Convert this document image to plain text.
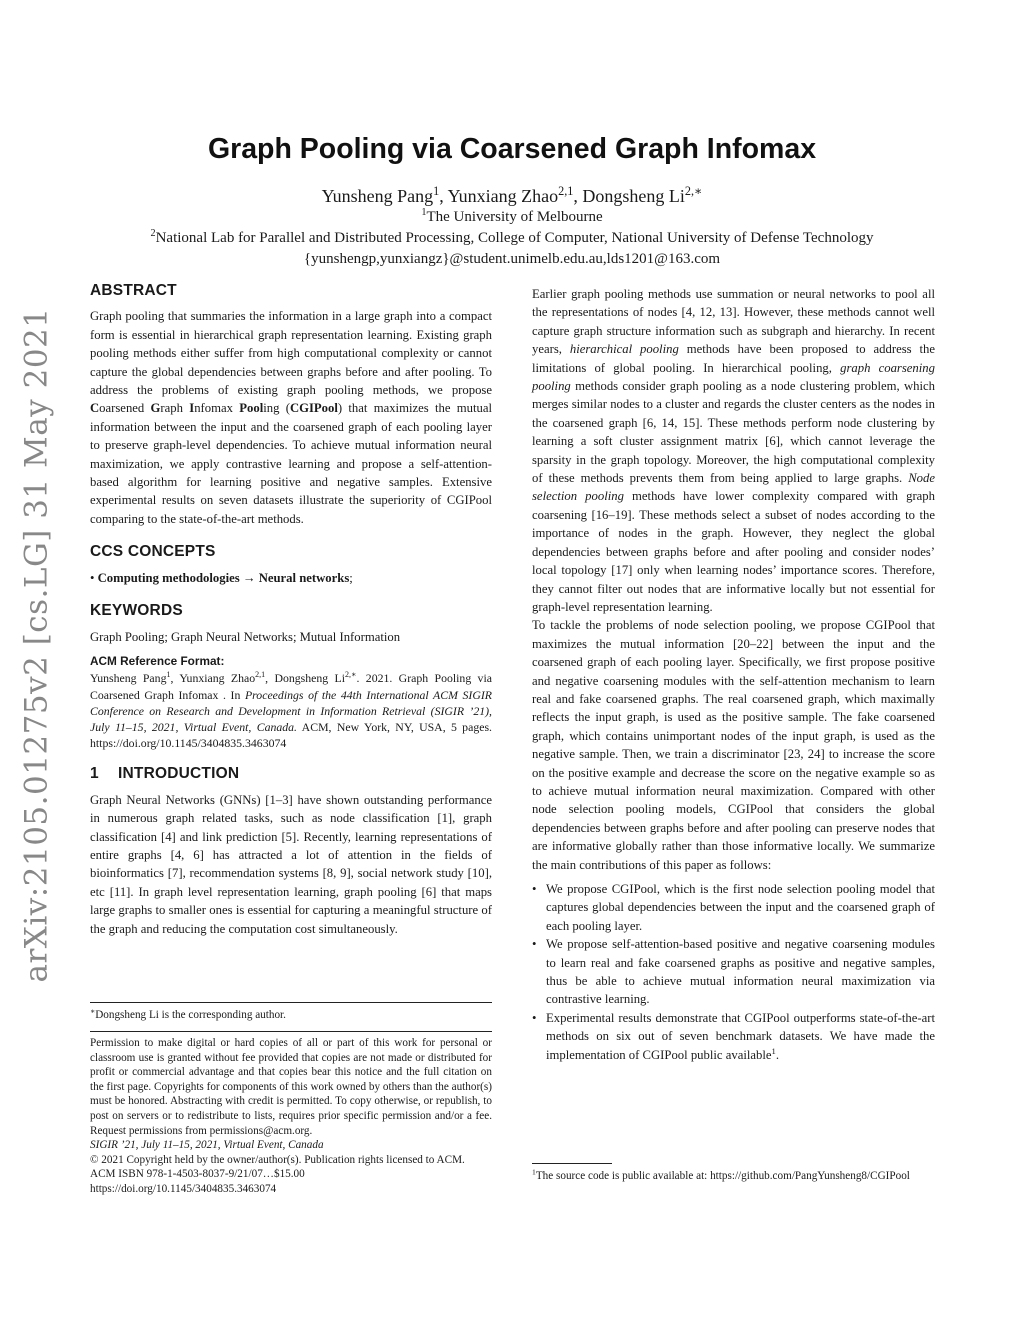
arXiv:2105.01275v2 [cs.LG] 31 May 2021
Graph Pooling via Coarsened Graph Infomax
Yunsheng Pang$^1$, Yunxiang Zhao$^{2,1}$, Dongsheng $Li^{2,∗}$
$^1$The University of Melbourne
$^2$National Lab for Parallel and Distributed Processing, College of Computer, National University of Defense Technology
{yunshengp,yunxiangz}@student.unimelb.edu.au,lds1201@163.com
ABSTRACT

Graph pooling that summaries the information in a large graph into a compact form is essential in hierarchical graph representation learning. Existing graph pooling methods either suffer from high computational complexity or cannot capture the global dependencies between graphs before and after pooling. To address the problems of existing graph pooling methods, we propose Coarsened Graph Infomax Pooling (CGIPool) that maximizes the mutual information between the input and the coarsened graph of each pooling layer to preserve graph-level dependencies. To achieve mutual information neural maximization, we apply contrastive learning and propose a self-attention-based algorithm for learning positive and negative samples. Extensive experimental results on seven datasets illustrate the superiority of CGIPool comparing to the state-of-the-art methods.

CCS CONCEPTS

• Computing methodologies → Neural networks;

KEYWORDS

Graph Pooling; Graph Neural Networks; Mutual Information

ACM Reference Format:

Yunsheng Pang$^1$, Yunxiang Zhao$^{2,1}$, Dongsheng $Li^{2,∗}$. 2021. Graph Pooling via Coarsened Graph Infomax . In Proceedings of the 44th International ACM SIGIR Conference on Research and Development in Information Retrieval (SIGIR ’21), July 11–15, 2021, Virtual Event, Canada. ACM, New York, NY, USA, 5 pages. https://doi.org/10.1145/3404835.3463074

1 INTRODUCTION

Graph Neural Networks (GNNs) [1–3] have shown outstanding performance in numerous graph related tasks, such as node classification [1], graph classification [4] and link prediction [5]. Recently, learning representations of entire graphs [4, 6] has attracted a lot of attention in the fields of bioinformatics [7], recommendation systems [8, 9], social network study [10], etc [11]. In graph level representation learning, graph pooling [6] that maps large graphs to smaller ones is essential for capturing a meaningful structure of the graph and reducing the computation cost simultaneously.

∗Dongsheng Li is the corresponding author.

Permission to make digital or hard copies of all or part of this work for personal or classroom use is granted without fee provided that copies are not made or distributed for profit or commercial advantage and that copies bear this notice and the full citation on the first page. Copyrights for components of this work owned by others than the author(s) must be honored. Abstracting with credit is permitted. To copy otherwise, or republish, to post on servers or to redistribute to lists, requires prior specific permission and/or a fee. Request permissions from permissions@acm.org.

SIGIR ’21, July 11–15, 2021, Virtual Event, Canada

© 2021 Copyright held by the owner/author(s). Publication rights licensed to ACM.

ACM ISBN 978-1-4503-8037-9/21/07…$15.00

https://doi.org/10.1145/3404835.3463074

Earlier graph pooling methods use summation or neural networks to pool all the representations of nodes [4, 12, 13]. However, these methods cannot well capture graph structure information such as subgraph and hierarchy. In recent years, hierarchical pooling methods have been proposed to address the limitations of global pooling. In hierarchical pooling, graph coarsening pooling methods consider graph pooling as a node clustering problem, which merges similar nodes to a cluster and regards the cluster centers as the nodes in the coarsened graph [6, 14, 15]. These methods perform node clustering by learning a soft cluster assignment matrix [6], which cannot leverage the sparsity in the graph topology. Moreover, the high computational complexity of these methods prevents them from being applied to large graphs. Node selection pooling methods have lower complexity compared with graph coarsening [16–19]. These methods select a subset of nodes according to the importance of nodes in the graph. However, they neglect the global dependencies between graphs before and after pooling and consider nodes’ local topology [17] only when learning nodes’ importance scores. Therefore, they cannot filter out nodes that are informative locally but not essential for graph-level representation learning.

To tackle the problems of node selection pooling, we propose CGIPool that maximizes the mutual information [20–22] between the input and the coarsened graph of each pooling layer. Specifically, we first propose positive and negative coarsening modules with the self-attention mechanism to learn real and fake coarsened graphs. The real coarsened graph, which maximally reflects the input graph, is used as the positive sample. The fake coarsened graph, which contains unimportant nodes of the input graph, is used as the negative sample. Then, we train a discriminator [23, 24] to increase the score on the positive example and decrease the score on the negative example so as to achieve mutual information neural maximization. Compared with other node selection pooling models, CGIPool that considers the global dependencies between graphs before and after pooling can preserve nodes that are informative globally rather than those informative locally. We summarize the main contributions of this paper as follows:

• We propose CGIPool, which is the first node selection pooling model that captures global dependencies between the input and the coarsened graph of each pooling layer.
• We propose self-attention-based positive and negative coarsening modules to learn real and fake coarsened graphs as positive and negative samples, thus be able to achieve mutual information neural maximization via contrastive learning.
• Experimental results demonstrate that CGIPool outperforms state-of-the-art methods on six out of seven benchmark datasets. We have made the implementation of CGIPool public available$^1$.
$^1$The source code is public available at: https://github.com/PangYunsheng8/CGIPool
